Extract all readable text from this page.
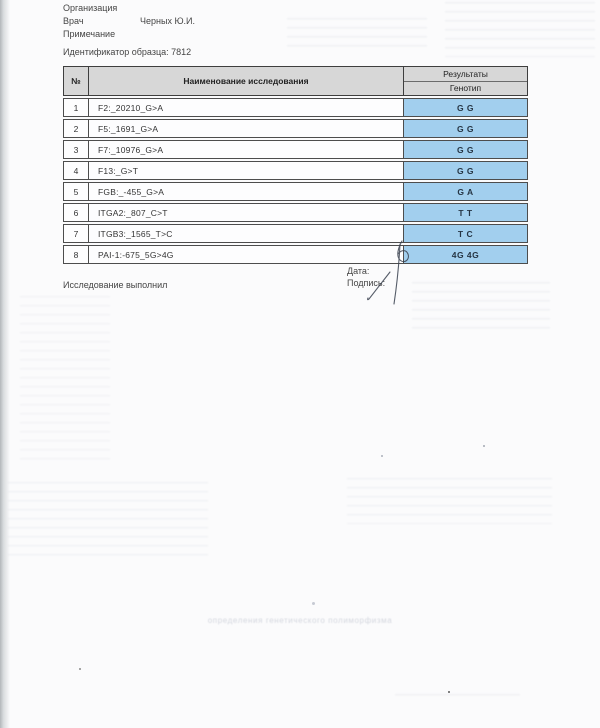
Организация
Врач	Черных Ю.И.
Примечание
Идентификатор образца: 7812
№	Наименование исследования
Результаты
Генотип
1	F2:_20210_G>A	G G
2	F5:_1691_G>A	G G
3	F7:_10976_G>A	G G
4	F13:_G>T	G G
5	FGB:_-455_G>A	G A
6	ITGA2:_807_C>T	T T
7	ITGB3:_1565_T>C	T C
8	PAI-1:-675_5G>4G	4G 4G
Исследование выполнил
Дата:
Подпись:
определения генетического полиморфизма
